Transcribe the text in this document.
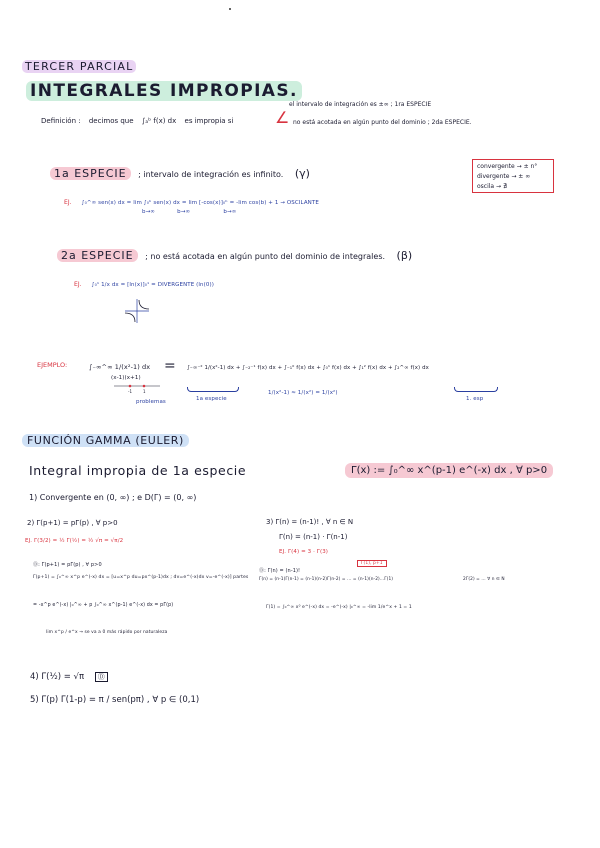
TERCER PARCIAL
INTEGRALES IMPROPIAS.
Definición : decimos que ∫ₐᵇ f(x) dx es impropia si	∠
el intervalo de integración es ±∞ ; 1ra ESPECIE
no está acotada en algún punto del dominio ; 2da ESPECIE.
convergente → ± n°
divergente → ± ∞
oscila → ∄
1a ESPECIE ; intervalo de integración es infinito. (γ)
EJ. ∫₀^∞ sen(x) dx = lim ∫₀ᵇ sen(x) dx = lim [-cos(x)]₀ᵇ = -lim cos(b) + 1 → OSCILANTE
b→∞            b→∞                  b→∞
2a ESPECIE ; no está acotada en algún punto del dominio de integrales. (β)
EJ. ∫₀¹ 1/x dx = [ln(x)]₀¹ = DIVERGENTE (ln(0))
EJEMPLO:	∫₋∞^∞ 1/(x²-1) dx
(x-1)(x+1)
-1	1
problemas
= ∫₋∞⁻² 1/(x²-1) dx + ∫₋₂⁻¹ f(x) dx + ∫₋₁⁰ f(x) dx + ∫₀¹ f(x) dx + ∫₁² f(x) dx + ∫₂^∞ f(x) dx
1a especie
1/(x²-1) ≈ 1/(x²) = 1/(x²)
1. esp
FUNCIÓN GAMMA (EULER)
Integral impropia de 1a especie	Γ(x) := ∫₀^∞ x^(p-1) e^(-x) dx , ∀ p>0
1) Convergente en (0, ∞) ; e D(Γ) = (0, ∞)
2) Γ(p+1) = pΓ(p) , ∀ p>0
EJ. Γ(3/2) = ½ Γ(½) = ½ √π = √π/2
Ⓓ: Γ(p+1) = pΓ(p) , ∀ p>0
Γ(p+1) = ∫₀^∞ x^p e^(-x) dx = [u=x^p du=px^(p-1)dx ; dv=e^(-x)dx v=-e^(-x)] partes
= -x^p e^(-x) |₀^∞ + p ∫₀^∞ x^(p-1) e^(-x) dx = pΓ(p)
lim x^p / e^x → se va a 0 más rápido por naturaleza
3) Γ(n) = (n-1)! , ∀ n ∈ N
Γ(n) = (n-1) · Γ(n-1)
EJ. Γ(4) = 3 · Γ(3)
Γ(1), p+1
Ⓓ: Γ(n) = (n-1)!
Γ(n) = (n-1)Γ(n-1) = (n-1)(n-2)Γ(n-2) = ... = (n-1)(n-2)...Γ(1)	2Γ(2) = ... ∀ n ∈ N
Γ(1) = ∫₀^∞ x⁰ e^(-x) dx = -e^(-x) |₀^∞ = -lim 1/e^x + 1 = 1
4) Γ(½) = √π Ⓓ
5) Γ(p) Γ(1-p) = π / sen(pπ) , ∀ p ∈ (0,1)
